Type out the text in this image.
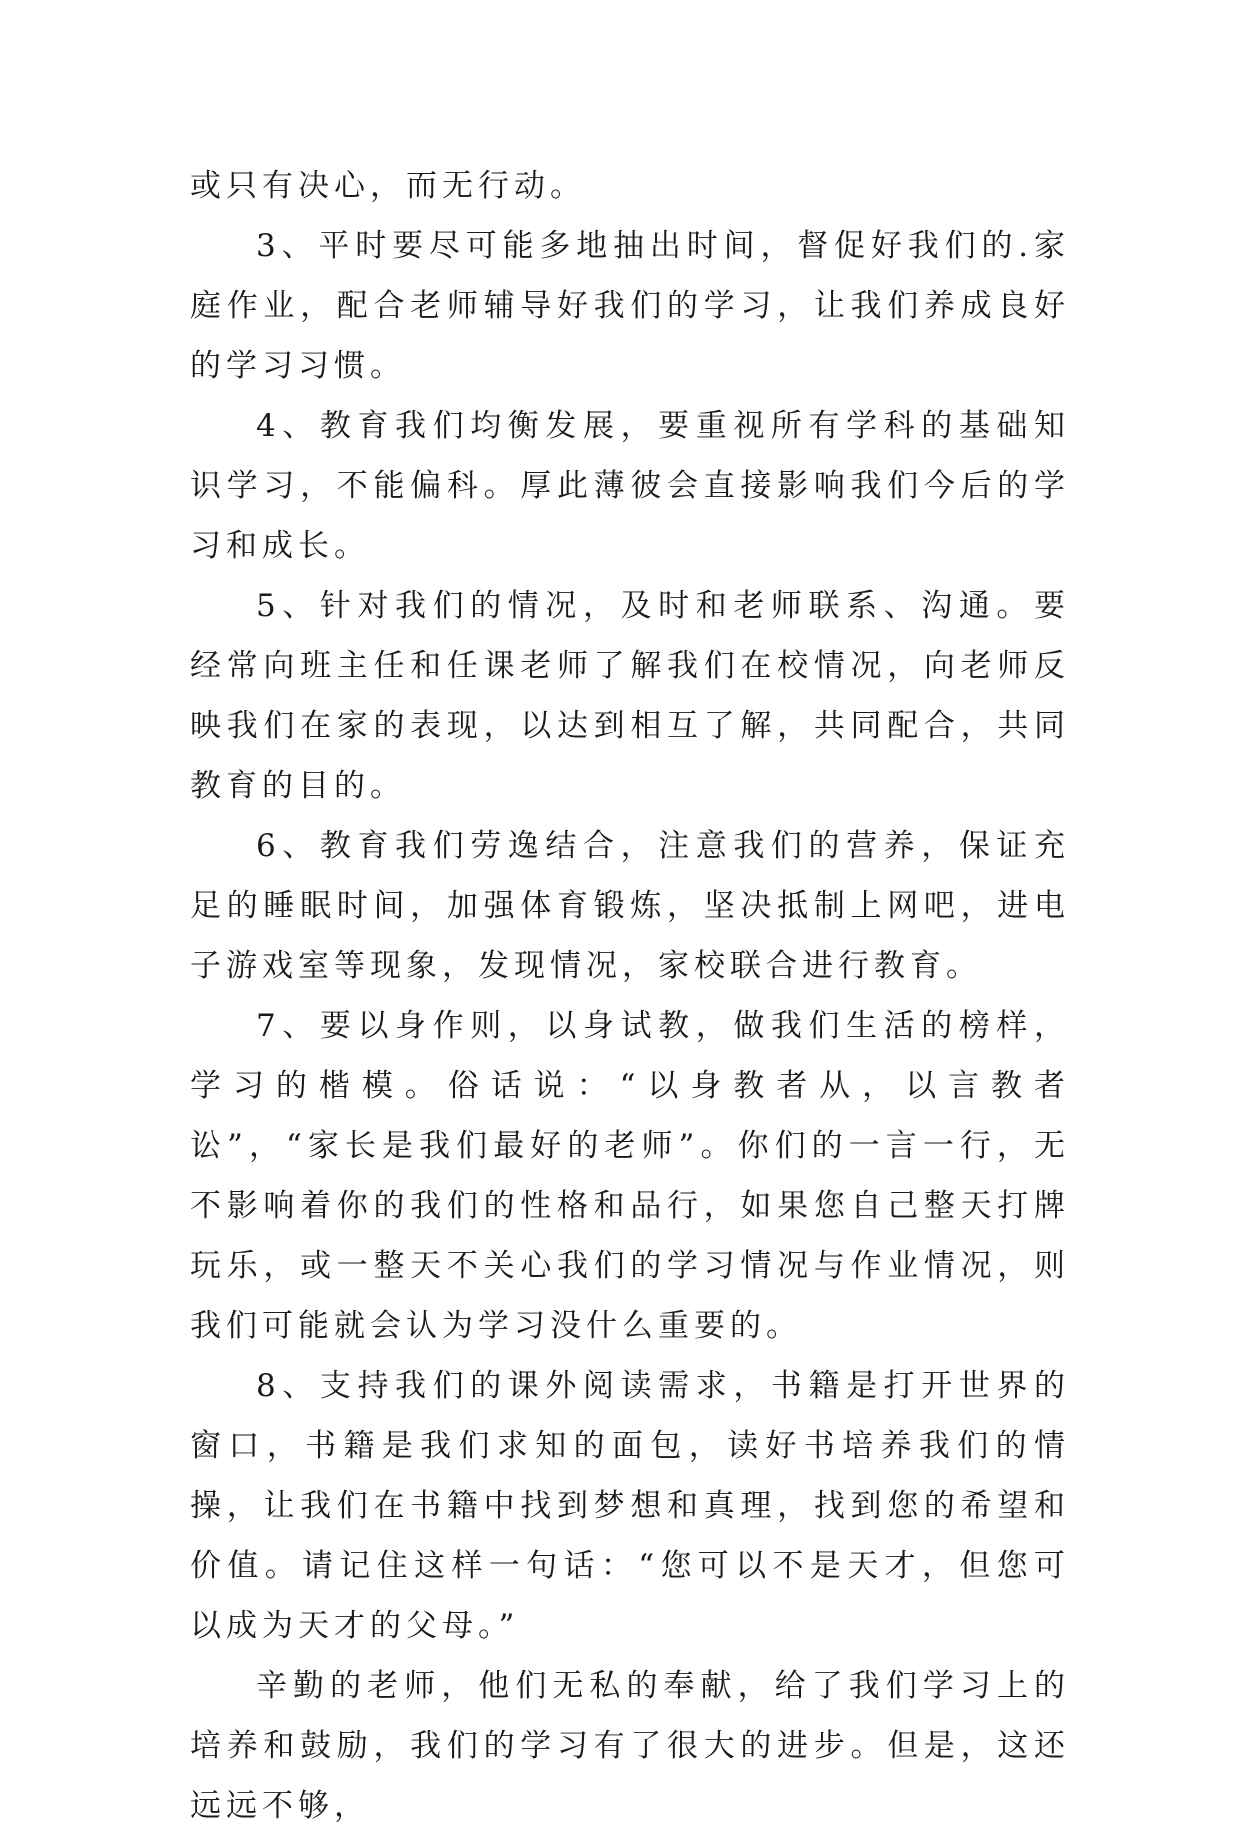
或只有决心，而无行动。

3、平时要尽可能多地抽出时间，督促好我们的.家庭作业，配合老师辅导好我们的学习，让我们养成良好的学习习惯。

4、教育我们均衡发展，要重视所有学科的基础知识学习，不能偏科。厚此薄彼会直接影响我们今后的学习和成长。

5、针对我们的情况，及时和老师联系、沟通。要经常向班主任和任课老师了解我们在校情况，向老师反映我们在家的表现，以达到相互了解，共同配合，共同教育的目的。

6、教育我们劳逸结合，注意我们的营养，保证充足的睡眠时间，加强体育锻炼，坚决抵制上网吧，进电子游戏室等现象，发现情况，家校联合进行教育。

7、要以身作则，以身试教，做我们生活的榜样，学习的楷模。俗话说：“以身教者从，以言教者讼”，“家长是我们最好的老师”。你们的一言一行，无不影响着你的我们的性格和品行，如果您自己整天打牌玩乐，或一整天不关心我们的学习情况与作业情况，则我们可能就会认为学习没什么重要的。

8、支持我们的课外阅读需求，书籍是打开世界的窗口，书籍是我们求知的面包，读好书培养我们的情操，让我们在书籍中找到梦想和真理，找到您的希望和价值。请记住这样一句话：“您可以不是天才，但您可以成为天才的父母。”

辛勤的老师，他们无私的奉献，给了我们学习上的培养和鼓励，我们的学习有了很大的进步。但是，这还远远不够，
